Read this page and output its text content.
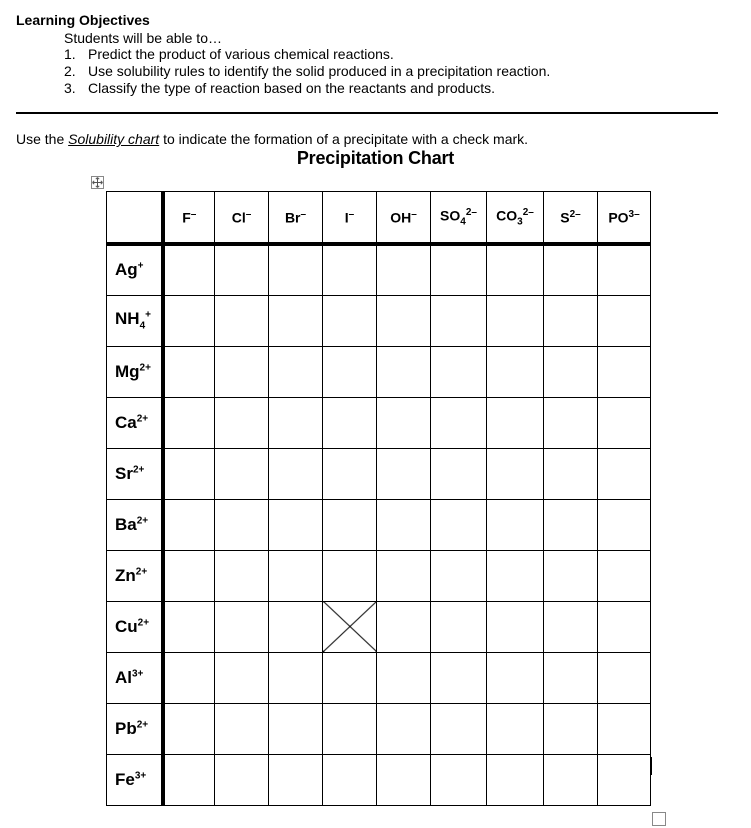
Learning Objectives
Students will be able to…
1. Predict the product of various chemical reactions.
2. Use solubility rules to identify the solid produced in a precipitation reaction.
3. Classify the type of reaction based on the reactants and products.
Use the Solubility chart to indicate the formation of a precipitate with a check mark.
Precipitation Chart
	F–	Cl–	Br–	I–	OH–	$SO_4^{2-}$	$CO_3^{2-}$	$S^{2-}$	$PO^{3-}$
Ag+									
$NH_4^+$									
$Mg^{2+}$									
$Ca^{2+}$									
$Sr^{2+}$									
$Ba^{2+}$									
$Zn^{2+}$									
$Cu^{2+}$									
$Al^{3+}$									
$Pb^{2+}$									
$Fe^{3+}$									
